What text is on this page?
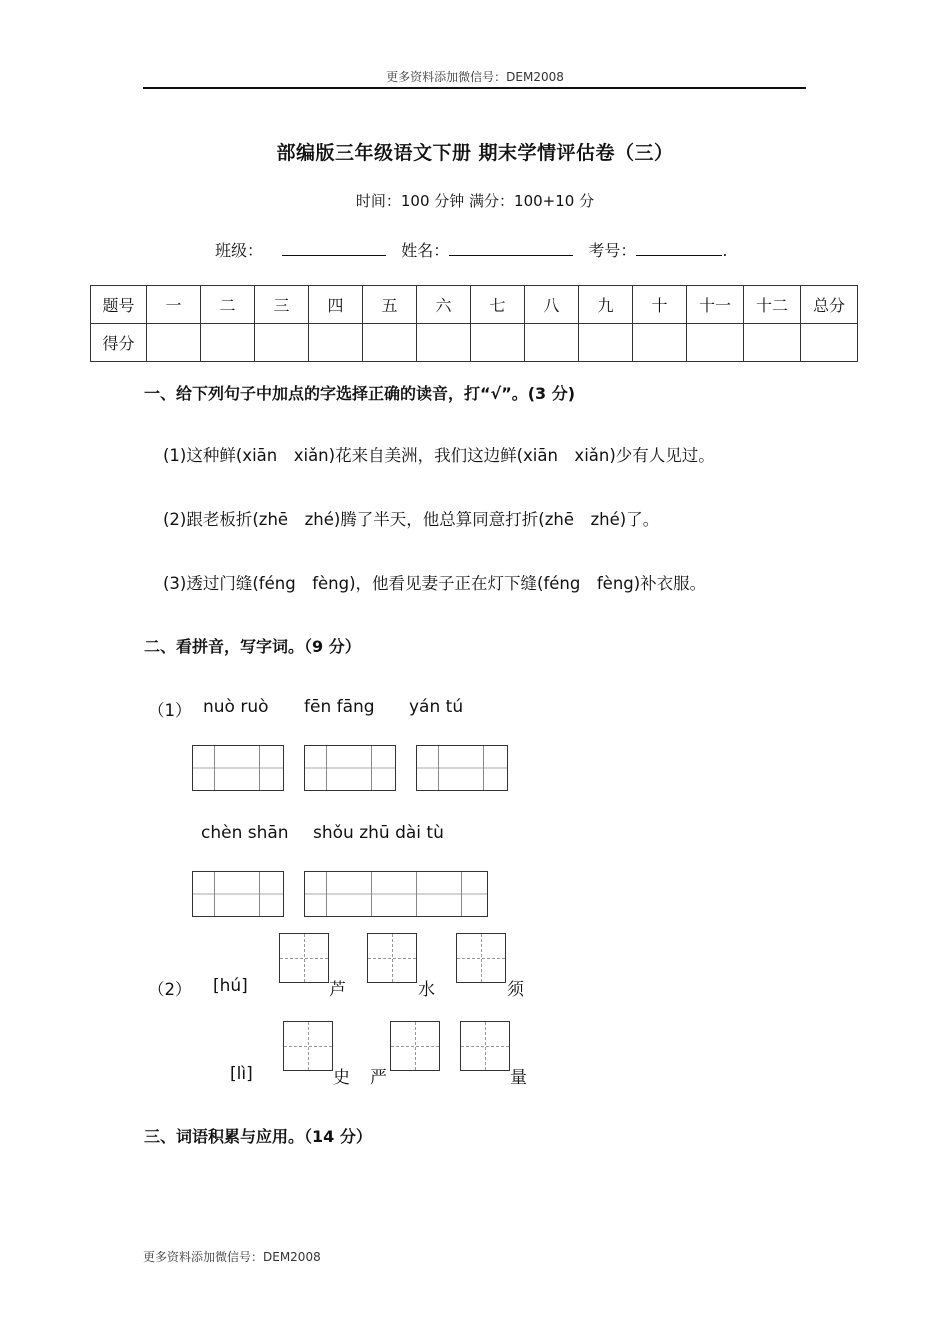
更多资料添加微信号：DEM2008
部编版三年级语文下册 期末学情评估卷（三）
时间：100 分钟 满分：100+10 分
班级：	姓名：	考号：	.
题号	一	二	三	四	五	六	七	八	九	十	十一	十二	总分
得分													
一、给下列句子中加点的字选择正确的读音，打“√”。(3 分)
(1)这种鲜(xiān xiǎn)花来自美洲，我们这边鲜(xiān xiǎn)少有人见过。
(2)跟老板折(zhē zhé)腾了半天，他总算同意打折(zhē zhé)了。
(3)透过门缝(féng fèng)，他看见妻子正在灯下缝(féng fèng)补衣服。
二、看拼音，写字词。（9 分）
（1） nuò ruò fēn fāng yán tú
chèn shān shǒu zhū dài tù
（2） [hú]	芦	水	须
[lì]	史 严	量
三、词语积累与应用。（14 分）
更多资料添加微信号：DEM2008
